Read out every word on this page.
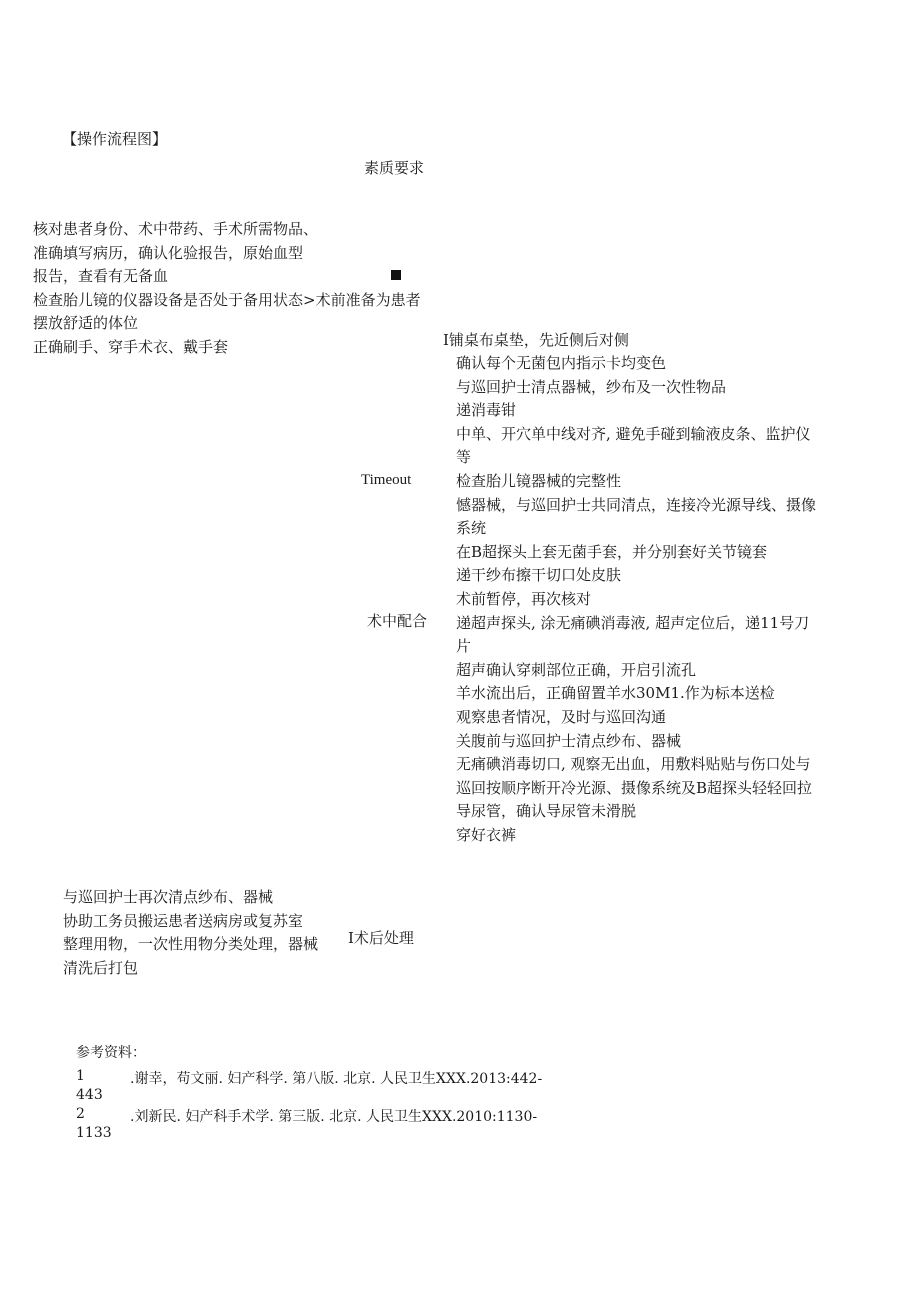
【操作流程图】
素质要求
核对患者身份、术中带药、手术所需物品、
准确填写病历，确认化验报告，原始血型
报告，查看有无备血
检查胎儿镜的仪器设备是否处于备用状态>术前准备为患者
摆放舒适的体位
正确刷手、穿手术衣、戴手套	I铺桌布桌垫，先近侧后对侧
确认每个无菌包内指示卡均变色
与巡回护士清点器械，纱布及一次性物品
递消毒钳
中单、开穴单中线对齐, 避免手碰到输液皮条、监护仪
等
检查胎儿镜器械的完整性
憾器械，与巡回护士共同清点，连接冷光源导线、摄像
系统
在B超探头上套无菌手套，并分别套好关节镜套
递干纱布擦干切口处皮肤
术前暂停，再次核对
递超声探头, 涂无痛碘消毒液, 超声定位后，递11号刀
片
超声确认穿刺部位正确，开启引流孔
羊水流出后，正确留置羊水30M1.作为标本送检
观察患者情况，及时与巡回沟通
关腹前与巡回护士清点纱布、器械
无痛碘消毒切口, 观察无出血，用敷料贴贴与伤口处与
巡回按顺序断开冷光源、摄像系统及B超探头轻轻回拉
导尿管，确认导尿管未滑脱
穿好衣裤
Timeout
术中配合
与巡回护士再次清点纱布、器械
协助工务员搬运患者送病房或复苏室
整理用物，一次性用物分类处理，器械
清洗后打包
I术后处理
参考资料：
1	.谢幸，苟文丽. 妇产科学. 第八版. 北京. 人民卫生XXX.2013:442-
443
2	.刘新民. 妇产科手术学. 第三版. 北京. 人民卫生XXX.2010:1130-
1133
